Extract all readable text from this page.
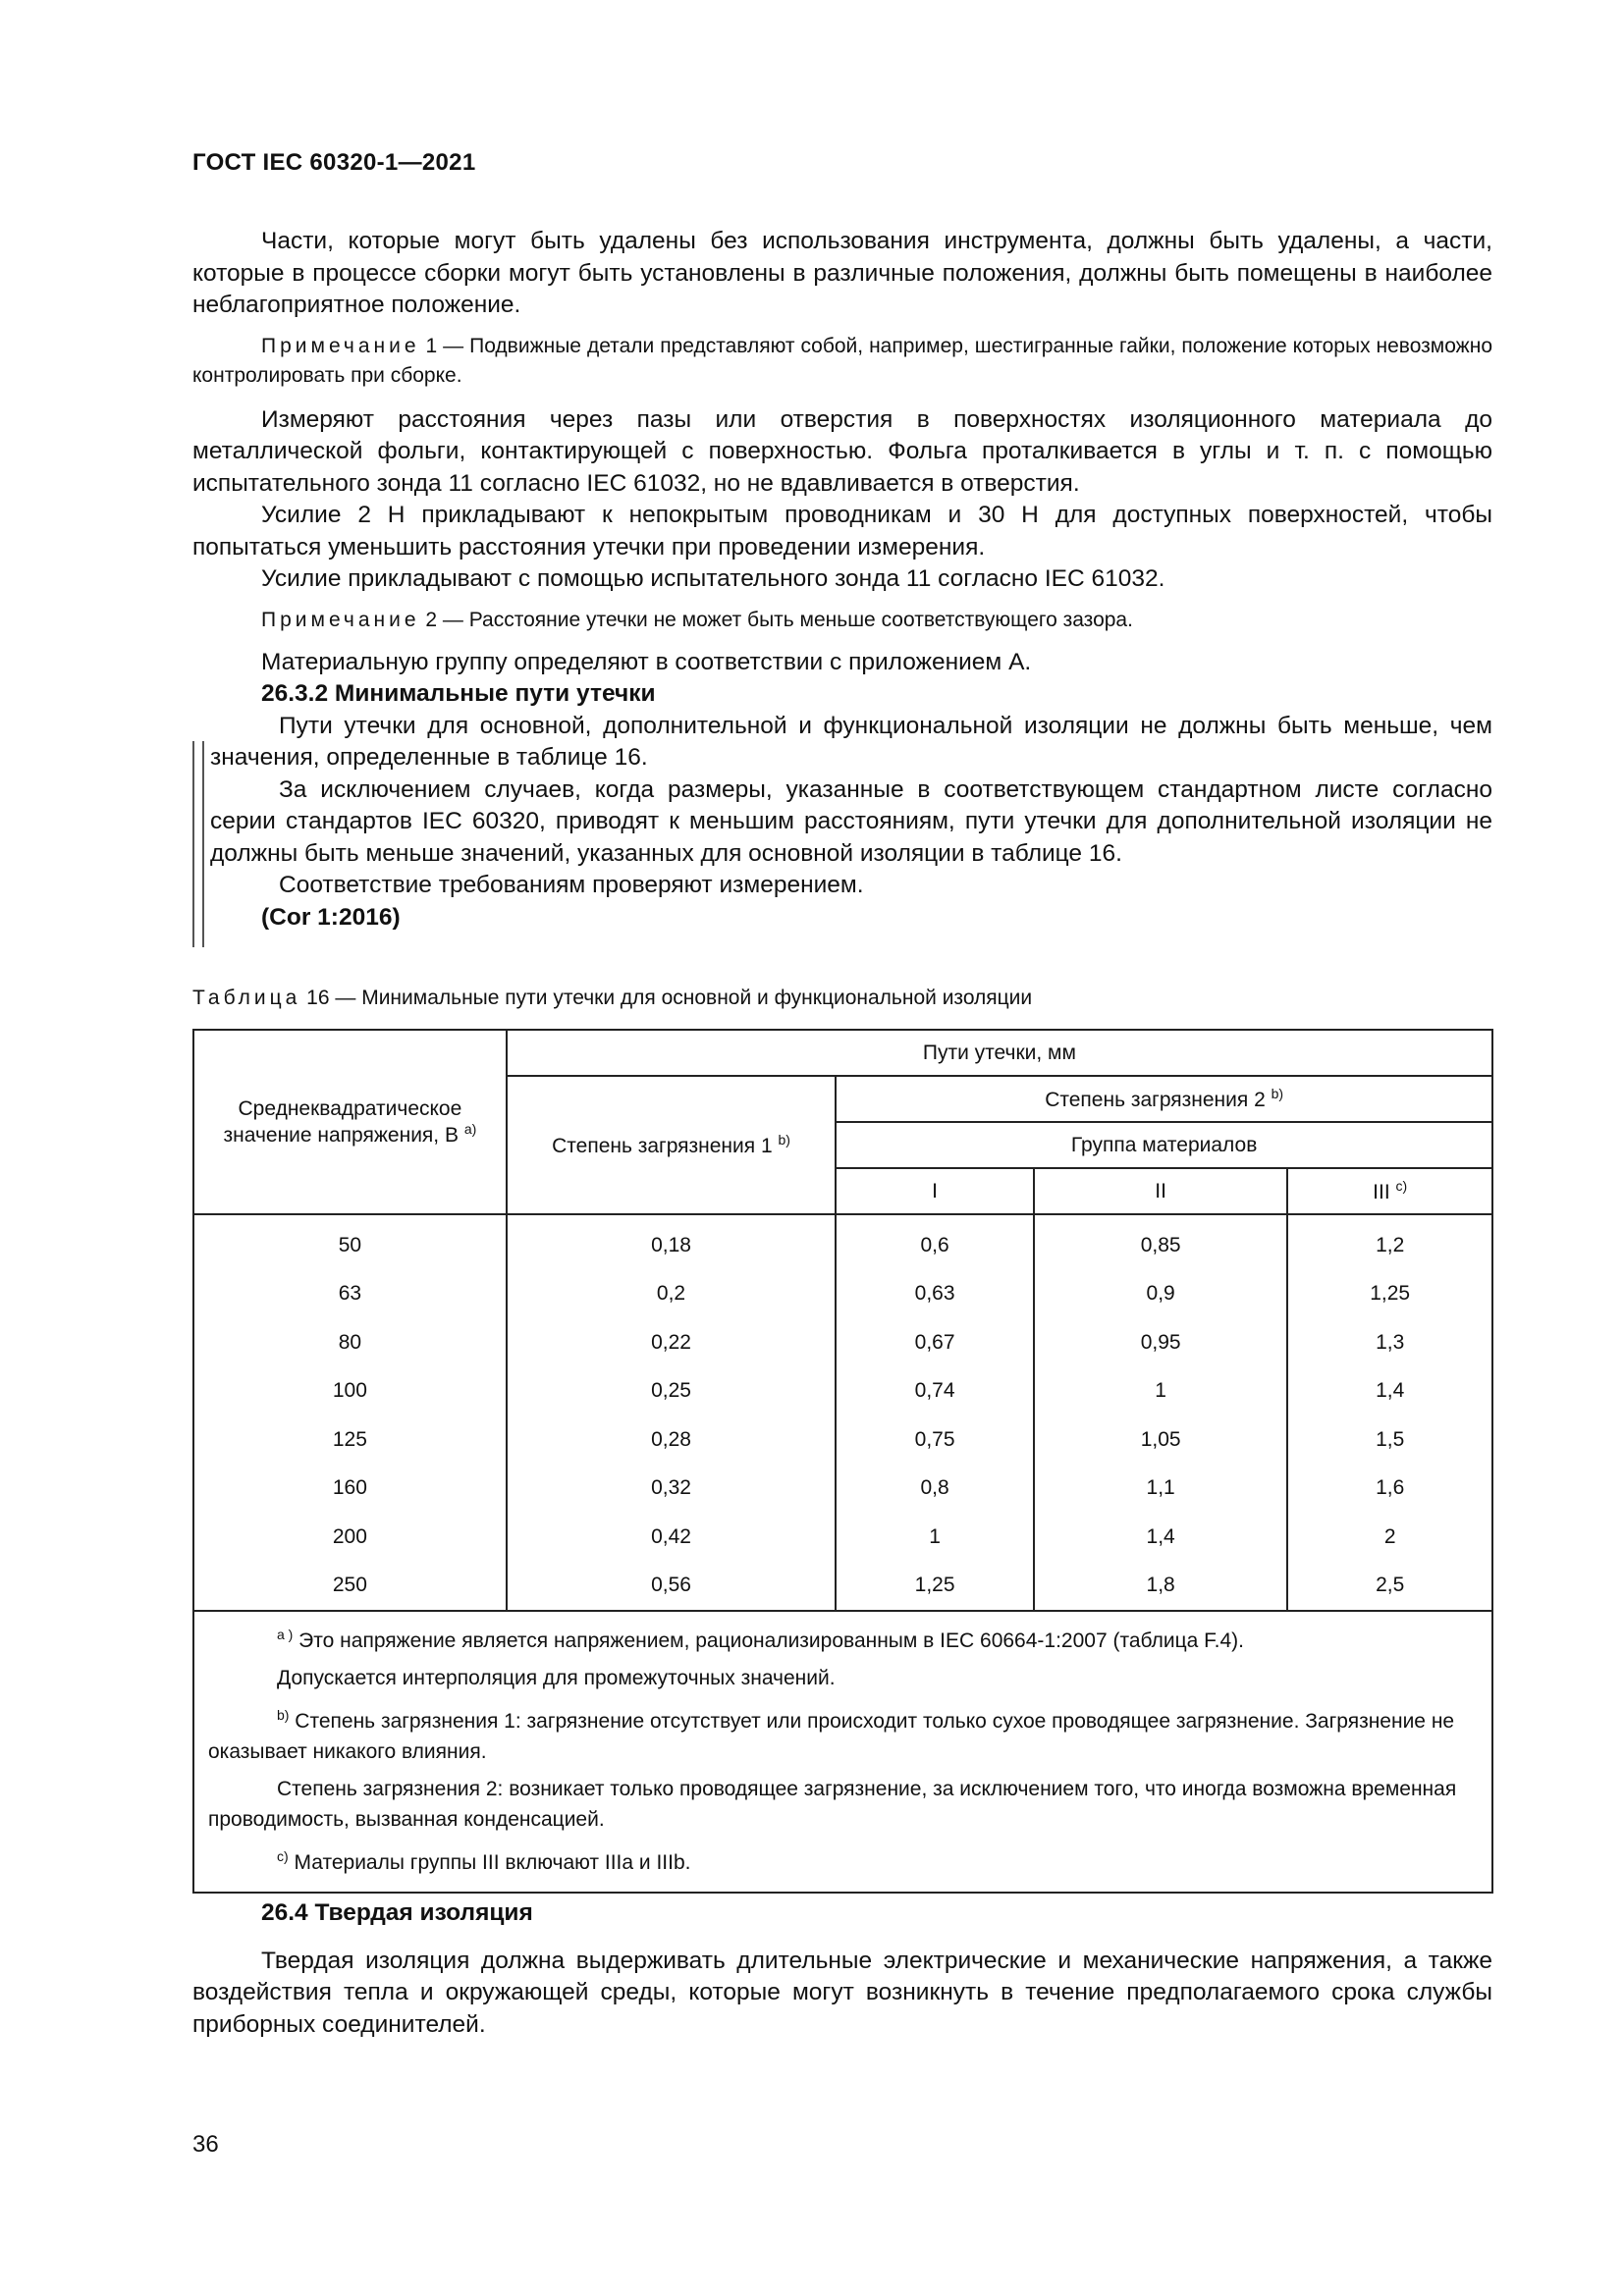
ГОСТ IEC 60320-1—2021

Части, которые могут быть удалены без использования инструмента, должны быть удалены, а части, которые в процессе сборки могут быть установлены в различные положения, должны быть помещены в наиболее неблагоприятное положение.

Примечание 1 — Подвижные детали представляют собой, например, шестигранные гайки, положение которых невозможно контролировать при сборке.

Измеряют расстояния через пазы или отверстия в поверхностях изоляционного материала до металлической фольги, контактирующей с поверхностью. Фольга проталкивается в углы и т. п. с помощью испытательного зонда 11 согласно IEC 61032, но не вдавливается в отверстия.

Усилие 2 Н прикладывают к непокрытым проводникам и 30 Н для доступных поверхностей, чтобы попытаться уменьшить расстояния утечки при проведении измерения.

Усилие прикладывают с помощью испытательного зонда 11 согласно IEC 61032.

Примечание 2 — Расстояние утечки не может быть меньше соответствующего зазора.

Материальную группу определяют в соответствии с приложением А.

26.3.2 Минимальные пути утечки

Пути утечки для основной, дополнительной и функциональной изоляции не должны быть меньше, чем значения, определенные в таблице 16.

За исключением случаев, когда размеры, указанные в соответствующем стандартном листе согласно серии стандартов IEC 60320, приводят к меньшим расстояниям, пути утечки для дополнительной изоляции не должны быть меньше значений, указанных для основной изоляции в таблице 16.

Соответствие требованиям проверяют измерением.

(Cor 1:2016)

Таблица 16 — Минимальные пути утечки для основной и функциональной изоляции
Среднеквадратическое значение напряжения, В $^{a)}$	Пути утечки, мм			
	Степень загрязнения 1 $^{b)}$	Степень загрязнения 2 $^{b)}$
		Группа материалов		
		I	II	III $^{c)}$
50	0,18	0,6	0,85	1,2
63	0,2	0,63	0,9	1,25
80	0,22	0,67	0,95	1,3
100	0,25	0,74	1	1,4
125	0,28	0,75	1,05	1,5
160	0,32	0,8	1,1	1,6
200	0,42	1	1,4	2
250	0,56	1,25	1,8	2,5

$^{a )}$ Это напряжение является напряжением, рационализированным в IEC 60664-1:2007 (таблица F.4).

Допускается интерполяция для промежуточных значений.

$^{b)}$ Степень загрязнения 1: загрязнение отсутствует или происходит только сухое проводящее загрязнение. Загрязнение не оказывает никакого влияния.

Степень загрязнения 2: возникает только проводящее загрязнение, за исключением того, что иногда возможна временная проводимость, вызванная конденсацией.

$^{c)}$ Материалы группы III включают IIIa и IIIb.				

26.4 Твердая изоляция

Твердая изоляция должна выдерживать длительные электрические и механические напряжения, а также воздействия тепла и окружающей среды, которые могут возникнуть в течение предполагаемого срока службы приборных соединителей.

36
